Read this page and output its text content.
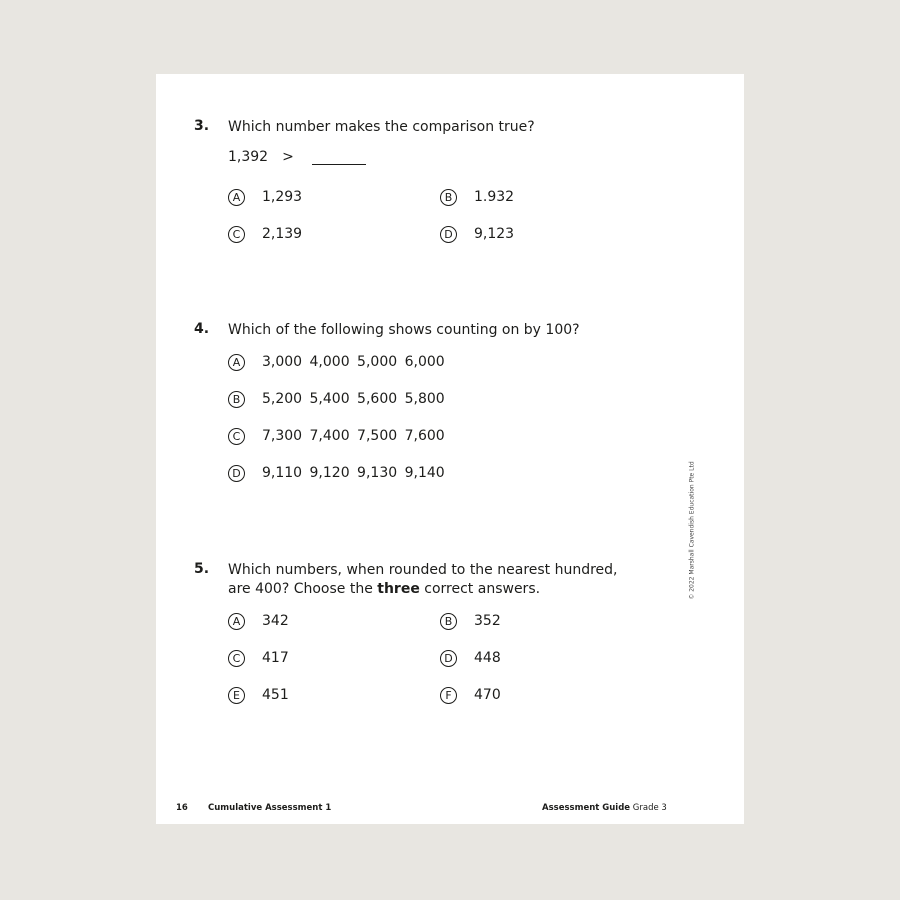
3. Which number makes the comparison true?
1,392 >
A	1,293	B	1.932
C	2,139	D	9,123
4. Which of the following shows counting on by 100?
A	3,000 4,000 5,000 6,000
B	5,200 5,400 5,600 5,800
C	7,300 7,400 7,500 7,600
D	9,110 9,120 9,130 9,140
5. Which numbers, when rounded to the nearest hundred,
are 400? Choose the three correct answers.
A	342	B	352
C	417	D	448
E	451	F	470
© 2022 Marshall Cavendish Education Pte Ltd
16 Cumulative Assessment 1	Assessment Guide Grade 3
